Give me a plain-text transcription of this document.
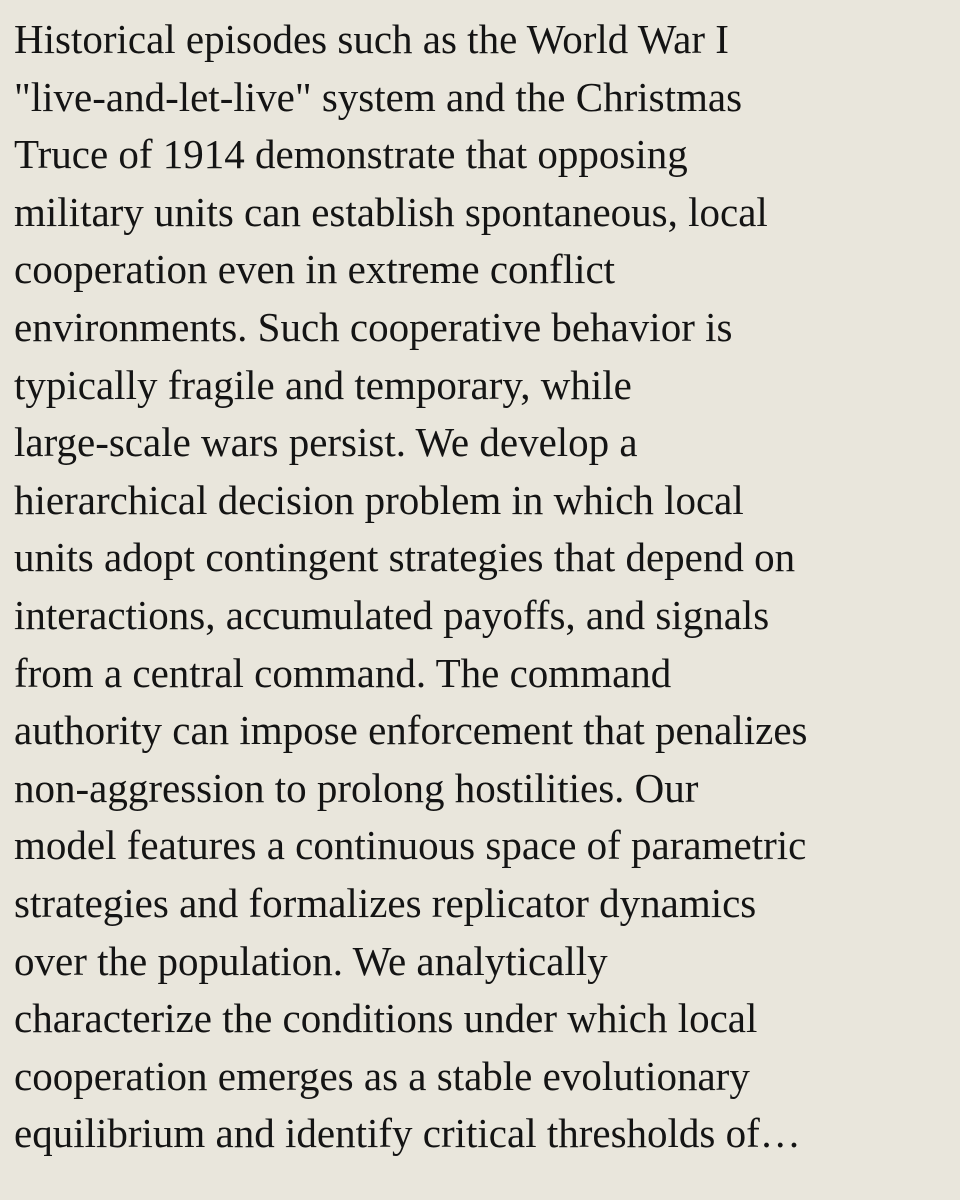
Historical episodes such as the World War I
"live-and-let-live" system and the Christmas
Truce of 1914 demonstrate that opposing
military units can establish spontaneous, local
cooperation even in extreme conflict
environments. Such cooperative behavior is
typically fragile and temporary, while
large-scale wars persist. We develop a
hierarchical decision problem in which local
units adopt contingent strategies that depend on
interactions, accumulated payoffs, and signals
from a central command. The command
authority can impose enforcement that penalizes
non-aggression to prolong hostilities. Our
model features a continuous space of parametric
strategies and formalizes replicator dynamics
over the population. We analytically
characterize the conditions under which local
cooperation emerges as a stable evolutionary
equilibrium and identify critical thresholds of…
